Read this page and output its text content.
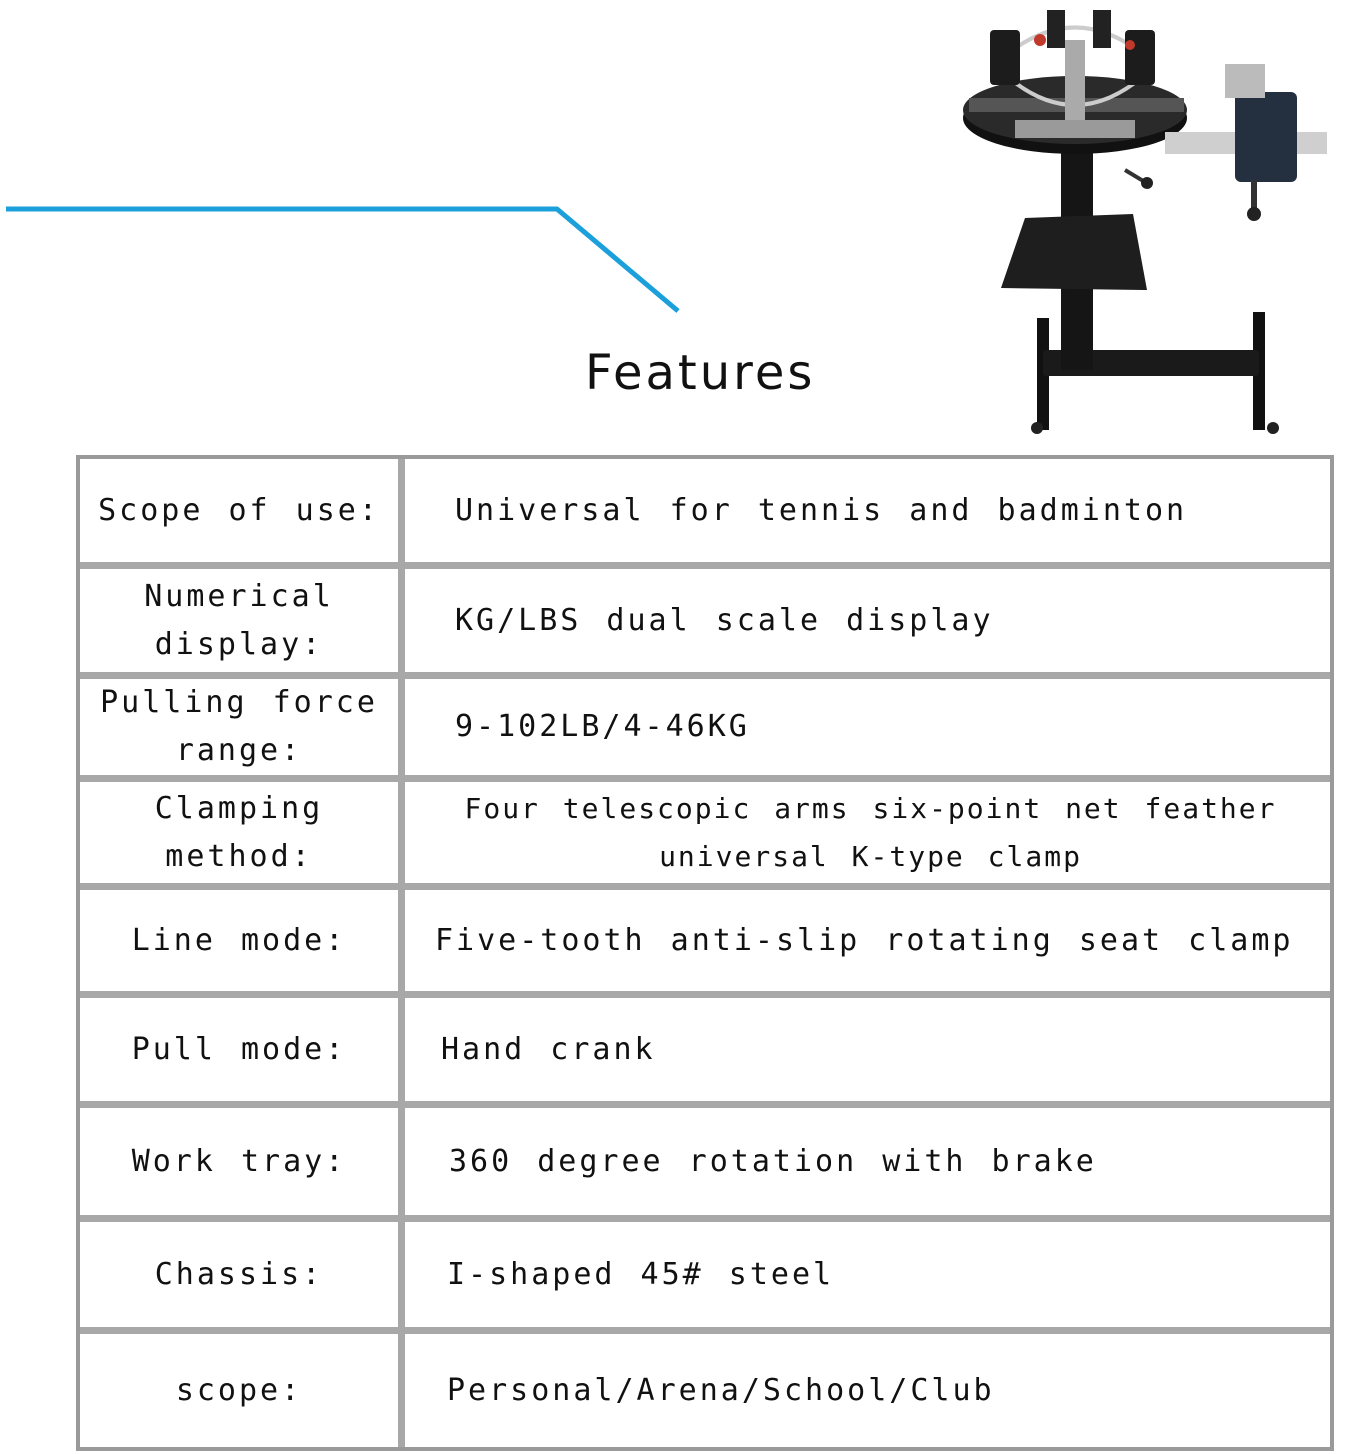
Features
Scope of use:	Universal for tennis and badminton
Numerical display:	KG/LBS dual scale display
Pulling force range:	9-102LB/4-46KG
Clamping method:	Four telescopic arms six-point net feather universal K-type clamp
Line mode:	Five-tooth anti-slip rotating seat clamp
Pull mode:	Hand crank
Work tray:	360 degree rotation with brake
Chassis:	I-shaped 45# steel
scope:	Personal/Arena/School/Club
